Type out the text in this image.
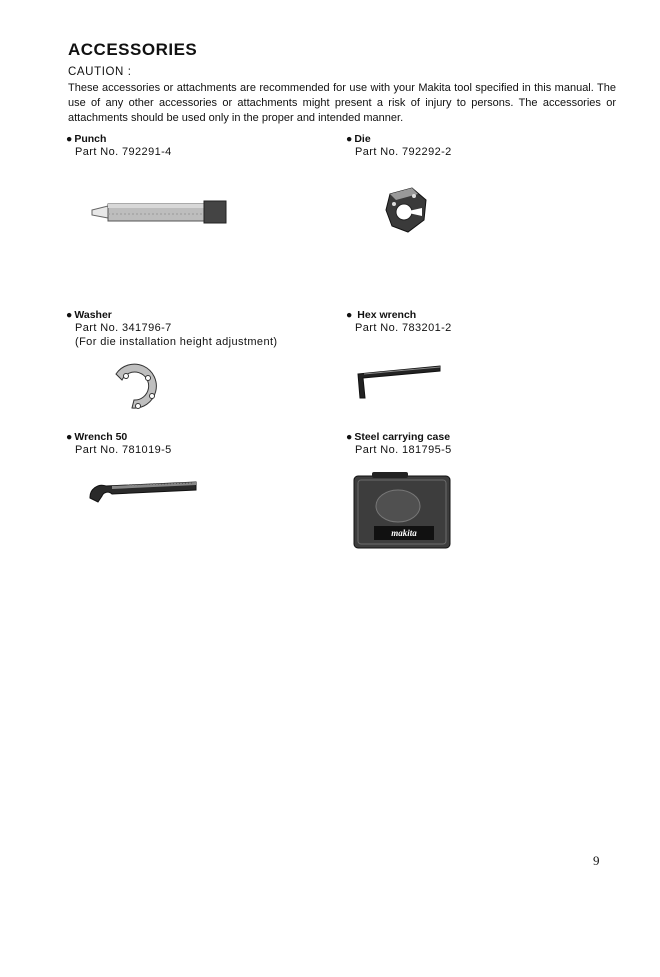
ACCESSORIES
CAUTION :
These accessories or attachments are recommended for use with your Makita tool specified in this manual. The use of any other accessories or attachments might present a risk of injury to persons. The accessories or attachments should be used only in the proper and intended manner.
● Punch
Part No. 792291-4
● Die
Part No. 792292-2
● Washer
Part No. 341796-7
(For die installation height adjustment)
● Hex wrench
Part No. 783201-2
● Wrench 50
Part No. 781019-5
● Steel carrying case
Part No. 181795-5
makita
9
